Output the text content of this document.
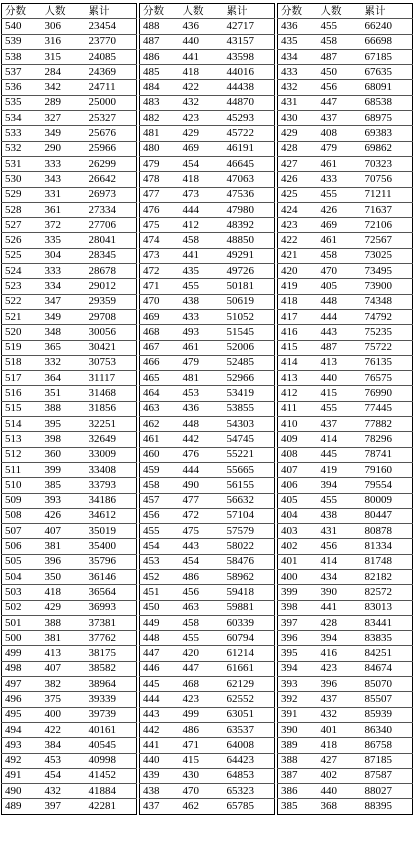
分数	人数	累计
540	306	23454
539	316	23770
538	315	24085
537	284	24369
536	342	24711
535	289	25000
534	327	25327
533	349	25676
532	290	25966
531	333	26299
530	343	26642
529	331	26973
528	361	27334
527	372	27706
526	335	28041
525	304	28345
524	333	28678
523	334	29012
522	347	29359
521	349	29708
520	348	30056
519	365	30421
518	332	30753
517	364	31117
516	351	31468
515	388	31856
514	395	32251
513	398	32649
512	360	33009
511	399	33408
510	385	33793
509	393	34186
508	426	34612
507	407	35019
506	381	35400
505	396	35796
504	350	36146
503	418	36564
502	429	36993
501	388	37381
500	381	37762
499	413	38175
498	407	38582
497	382	38964
496	375	39339
495	400	39739
494	422	40161
493	384	40545
492	453	40998
491	454	41452
490	432	41884
489	397	42281
分数	人数	累计
488	436	42717
487	440	43157
486	441	43598
485	418	44016
484	422	44438
483	432	44870
482	423	45293
481	429	45722
480	469	46191
479	454	46645
478	418	47063
477	473	47536
476	444	47980
475	412	48392
474	458	48850
473	441	49291
472	435	49726
471	455	50181
470	438	50619
469	433	51052
468	493	51545
467	461	52006
466	479	52485
465	481	52966
464	453	53419
463	436	53855
462	448	54303
461	442	54745
460	476	55221
459	444	55665
458	490	56155
457	477	56632
456	472	57104
455	475	57579
454	443	58022
453	454	58476
452	486	58962
451	456	59418
450	463	59881
449	458	60339
448	455	60794
447	420	61214
446	447	61661
445	468	62129
444	423	62552
443	499	63051
442	486	63537
441	471	64008
440	415	64423
439	430	64853
438	470	65323
437	462	65785
分数	人数	累计
436	455	66240
435	458	66698
434	487	67185
433	450	67635
432	456	68091
431	447	68538
430	437	68975
429	408	69383
428	479	69862
427	461	70323
426	433	70756
425	455	71211
424	426	71637
423	469	72106
422	461	72567
421	458	73025
420	470	73495
419	405	73900
418	448	74348
417	444	74792
416	443	75235
415	487	75722
414	413	76135
413	440	76575
412	415	76990
411	455	77445
410	437	77882
409	414	78296
408	445	78741
407	419	79160
406	394	79554
405	455	80009
404	438	80447
403	431	80878
402	456	81334
401	414	81748
400	434	82182
399	390	82572
398	441	83013
397	428	83441
396	394	83835
395	416	84251
394	423	84674
393	396	85070
392	437	85507
391	432	85939
390	401	86340
389	418	86758
388	427	87185
387	402	87587
386	440	88027
385	368	88395
